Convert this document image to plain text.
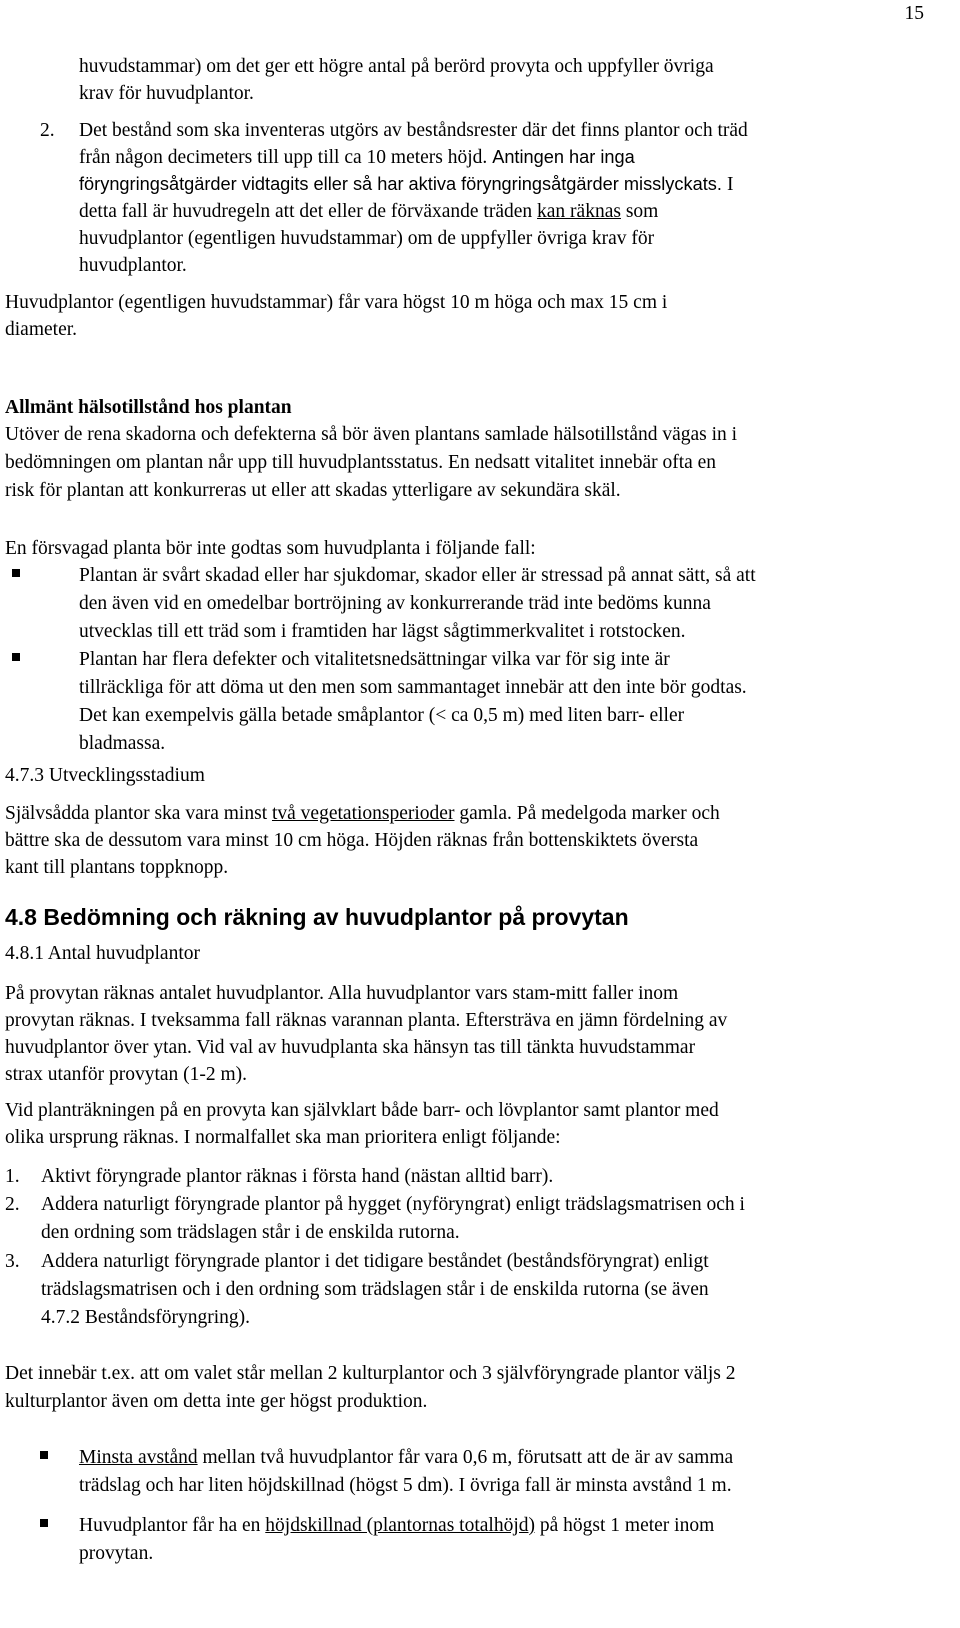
15
huvudstammar) om det ger ett högre antal på berörd provyta och uppfyller övriga
krav för huvudplantor.
2. Det bestånd som ska inventeras utgörs av beståndsrester där det finns plantor och träd
från någon decimeters till upp till ca 10 meters höjd. Antingen har inga
föryngringsåtgärder vidtagits eller så har aktiva föryngringsåtgärder misslyckats. I
detta fall är huvudregeln att det eller de förväxande träden kan räknas som
huvudplantor (egentligen huvudstammar) om de uppfyller övriga krav för
huvudplantor.
Huvudplantor (egentligen huvudstammar) får vara högst 10 m höga och max 15 cm i
diameter.
Allmänt hälsotillstånd hos plantan
Utöver de rena skadorna och defekterna så bör även plantans samlade hälsotillstånd vägas in i
bedömningen om plantan når upp till huvudplantsstatus. En nedsatt vitalitet innebär ofta en
risk för plantan att konkurreras ut eller att skadas ytterligare av sekundära skäl.
En försvagad planta bör inte godtas som huvudplanta i följande fall:
Plantan är svårt skadad eller har sjukdomar, skador eller är stressad på annat sätt, så att
den även vid en omedelbar bortröjning av konkurrerande träd inte bedöms kunna
utvecklas till ett träd som i framtiden har lägst sågtimmerkvalitet i rotstocken.
Plantan har flera defekter och vitalitetsnedsättningar vilka var för sig inte är
tillräckliga för att döma ut den men som sammantaget innebär att den inte bör godtas.
Det kan exempelvis gälla betade småplantor (< ca 0,5 m) med liten barr- eller
bladmassa.
4.7.3 Utvecklingsstadium
Självsådda plantor ska vara minst två vegetationsperioder gamla. På medelgoda marker och
bättre ska de dessutom vara minst 10 cm höga. Höjden räknas från bottenskiktets översta
kant till plantans toppknopp.
4.8 Bedömning och räkning av huvudplantor på provytan
4.8.1 Antal huvudplantor
På provytan räknas antalet huvudplantor. Alla huvudplantor vars stam-mitt faller inom
provytan räknas. I tveksamma fall räknas varannan planta. Eftersträva en jämn fördelning av
huvudplantor över ytan. Vid val av huvudplanta ska hänsyn tas till tänkta huvudstammar
strax utanför provytan (1-2 m).
Vid planträkningen på en provyta kan självklart både barr- och lövplantor samt plantor med
olika ursprung räknas. I normalfallet ska man prioritera enligt följande:
1. Aktivt föryngrade plantor räknas i första hand (nästan alltid barr).
2. Addera naturligt föryngrade plantor på hygget (nyföryngrat) enligt trädslagsmatrisen och i
den ordning som trädslagen står i de enskilda rutorna.
3. Addera naturligt föryngrade plantor i det tidigare beståndet (beståndsföryngrat) enligt
trädslagsmatrisen och i den ordning som trädslagen står i de enskilda rutorna (se även
4.7.2 Beståndsföryngring).
Det innebär t.ex. att om valet står mellan 2 kulturplantor och 3 självföryngrade plantor väljs 2
kulturplantor även om detta inte ger högst produktion.
Minsta avstånd mellan två huvudplantor får vara 0,6 m, förutsatt att de är av samma
trädslag och har liten höjdskillnad (högst 5 dm). I övriga fall är minsta avstånd 1 m.
Huvudplantor får ha en höjdskillnad (plantornas totalhöjd) på högst 1 meter inom
provytan.
